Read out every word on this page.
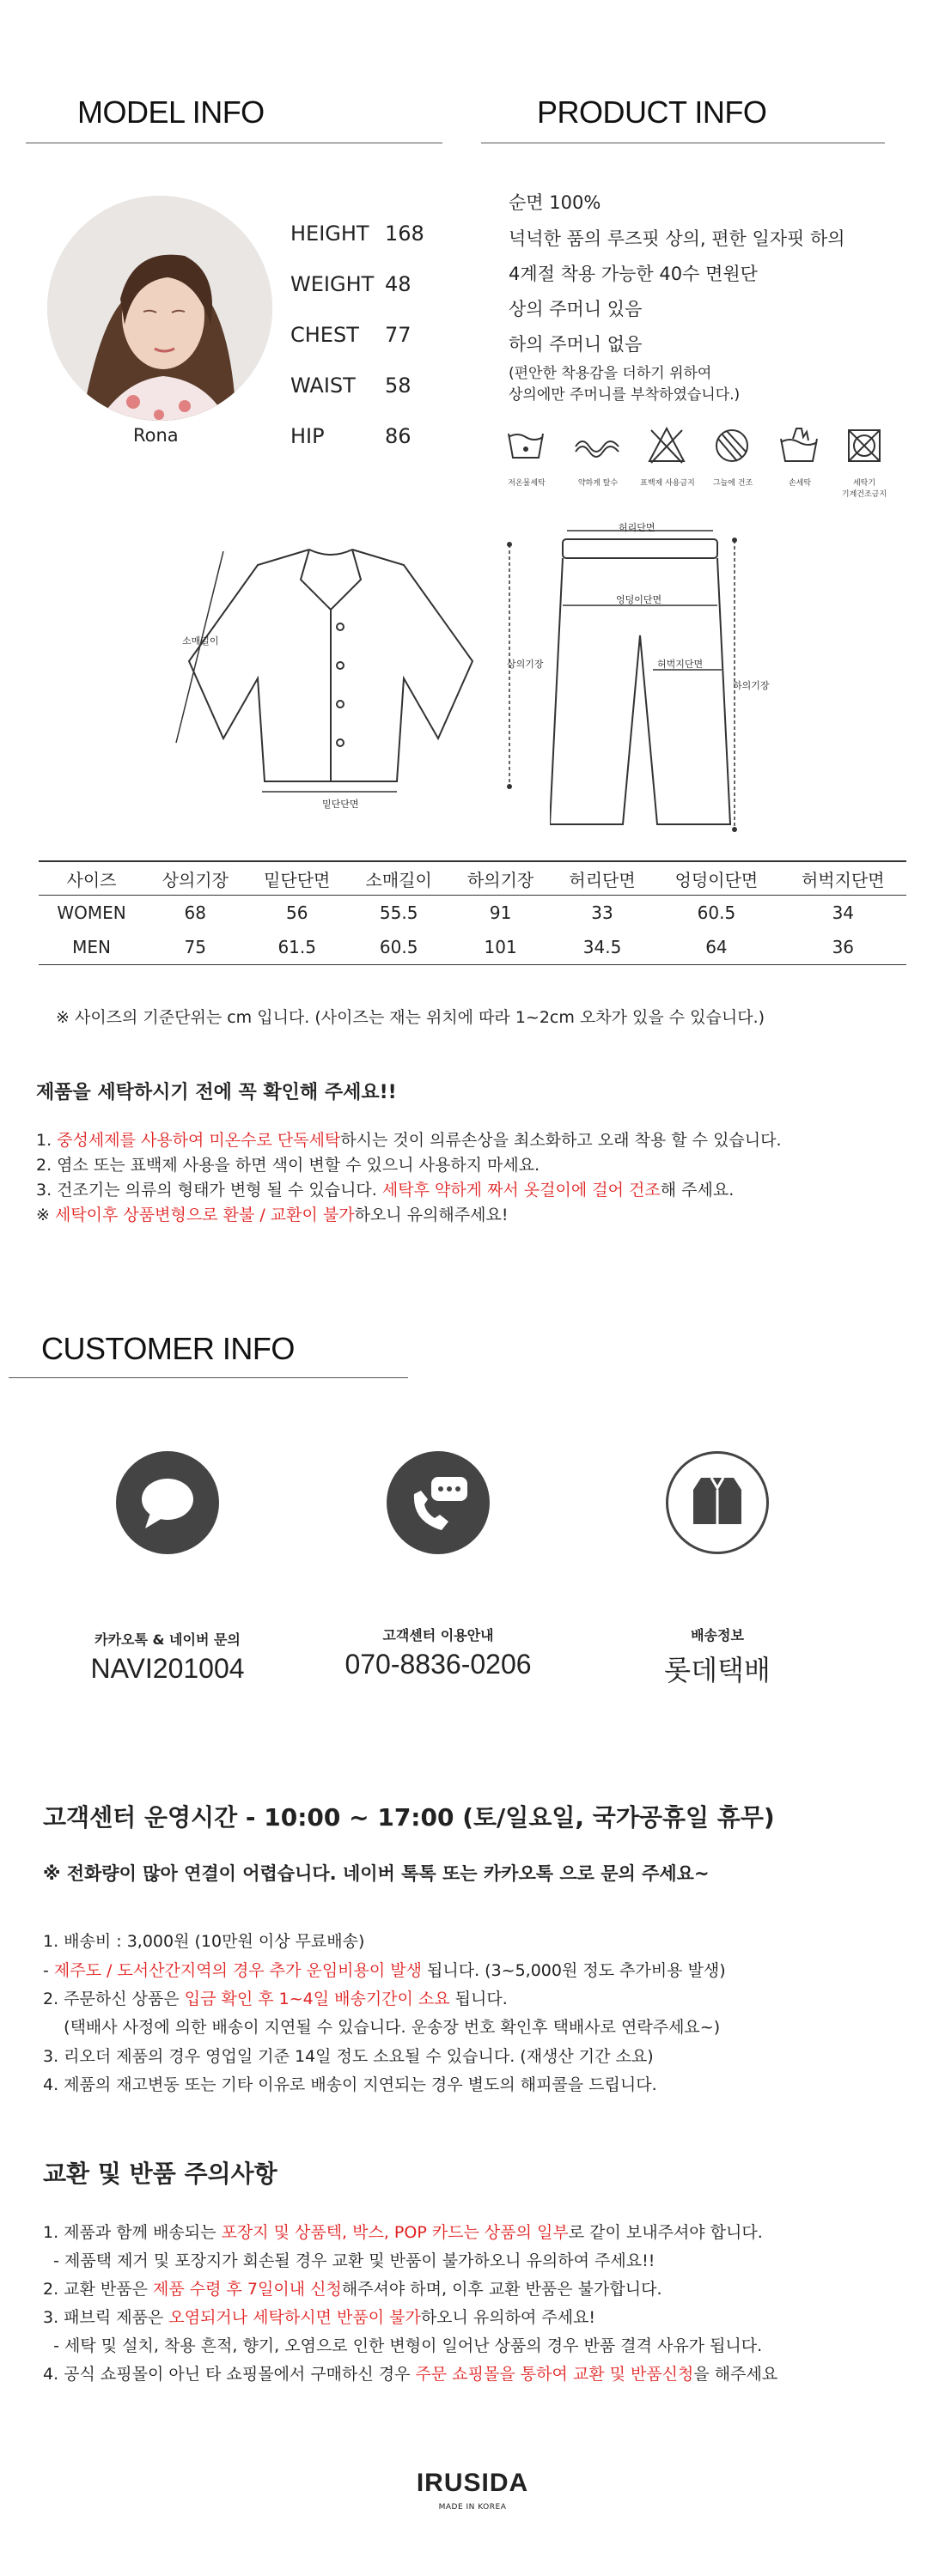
MODEL INFO	PRODUCT INFO
Rona
HEIGHT 168
WEIGHT 48
CHEST 77
WAIST 58
HIP	86
순면 100%
넉넉한 품의 루즈핏 상의, 편한 일자핏 하의
4계절 착용 가능한 40수 면원단
상의 주머니 있음
하의 주머니 없음
(편안한 착용감을 더하기 위하여
상의에만 주머니를 부착하였습니다.)
저온물세탁	약하게 탈수	표백제 사용금지	그늘에 건조	손세탁	세탁기
기계건조금지
소매길이
밑단단면
상의기장
허리단면
엉덩이단면
허벅지단면
하의기장
사이즈	상의기장	밑단단면	소매길이	하의기장	허리단면	엉덩이단면	허벅지단면
WOMEN	68	56	55.5	91	33	60.5	34
MEN	75	61.5	60.5	101	34.5	64	36
※ 사이즈의 기준단위는 cm 입니다. (사이즈는 재는 위치에 따라 1~2cm 오차가 있을 수 있습니다.)
제품을 세탁하시기 전에 꼭 확인해 주세요!!
1. 중성세제를 사용하여 미온수로 단독세탁하시는 것이 의류손상을 최소화하고 오래 착용 할 수 있습니다.
2. 염소 또는 표백제 사용을 하면 색이 변할 수 있으니 사용하지 마세요.
3. 건조기는 의류의 형태가 변형 될 수 있습니다. 세탁후 약하게 짜서 옷걸이에 걸어 건조해 주세요.
※ 세탁이후 상품변형으로 환불 / 교환이 불가하오니 유의해주세요!
CUSTOMER INFO
카카오톡 & 네이버 문의
NAVI201004
고객센터 이용안내
070-8836-0206
배송정보
롯데택배
고객센터 운영시간 - 10:00 ~ 17:00 (토/일요일, 국가공휴일 휴무)
※ 전화량이 많아 연결이 어렵습니다. 네이버 톡톡 또는 카카오톡 으로 문의 주세요~
1. 배송비 : 3,000원 (10만원 이상 무료배송)
- 제주도 / 도서산간지역의 경우 추가 운임비용이 발생 됩니다. (3~5,000원 정도 추가비용 발생)
2. 주문하신 상품은 입금 확인 후 1~4일 배송기간이 소요 됩니다.
(택배사 사정에 의한 배송이 지연될 수 있습니다. 운송장 번호 확인후 택배사로 연락주세요~)
3. 리오더 제품의 경우 영업일 기준 14일 정도 소요될 수 있습니다. (재생산 기간 소요)
4. 제품의 재고변동 또는 기타 이유로 배송이 지연되는 경우 별도의 해피콜을 드립니다.
교환 및 반품 주의사항
1. 제품과 함께 배송되는 포장지 및 상품텍, 박스, POP 카드는 상품의 일부로 같이 보내주셔야 합니다.
- 제품택 제거 및 포장지가 회손될 경우 교환 및 반품이 불가하오니 유의하여 주세요!!
2. 교환 반품은 제품 수령 후 7일이내 신청해주셔야 하며, 이후 교환 반품은 불가합니다.
3. 패브릭 제품은 오염되거나 세탁하시면 반품이 불가하오니 유의하여 주세요!
- 세탁 및 설치, 착용 흔적, 향기, 오염으로 인한 변형이 일어난 상품의 경우 반품 결격 사유가 됩니다.
4. 공식 쇼핑몰이 아닌 타 쇼핑몰에서 구매하신 경우 주문 쇼핑몰을 통하여 교환 및 반품신청을 해주세요
IRUSIDA
MADE IN KOREA
